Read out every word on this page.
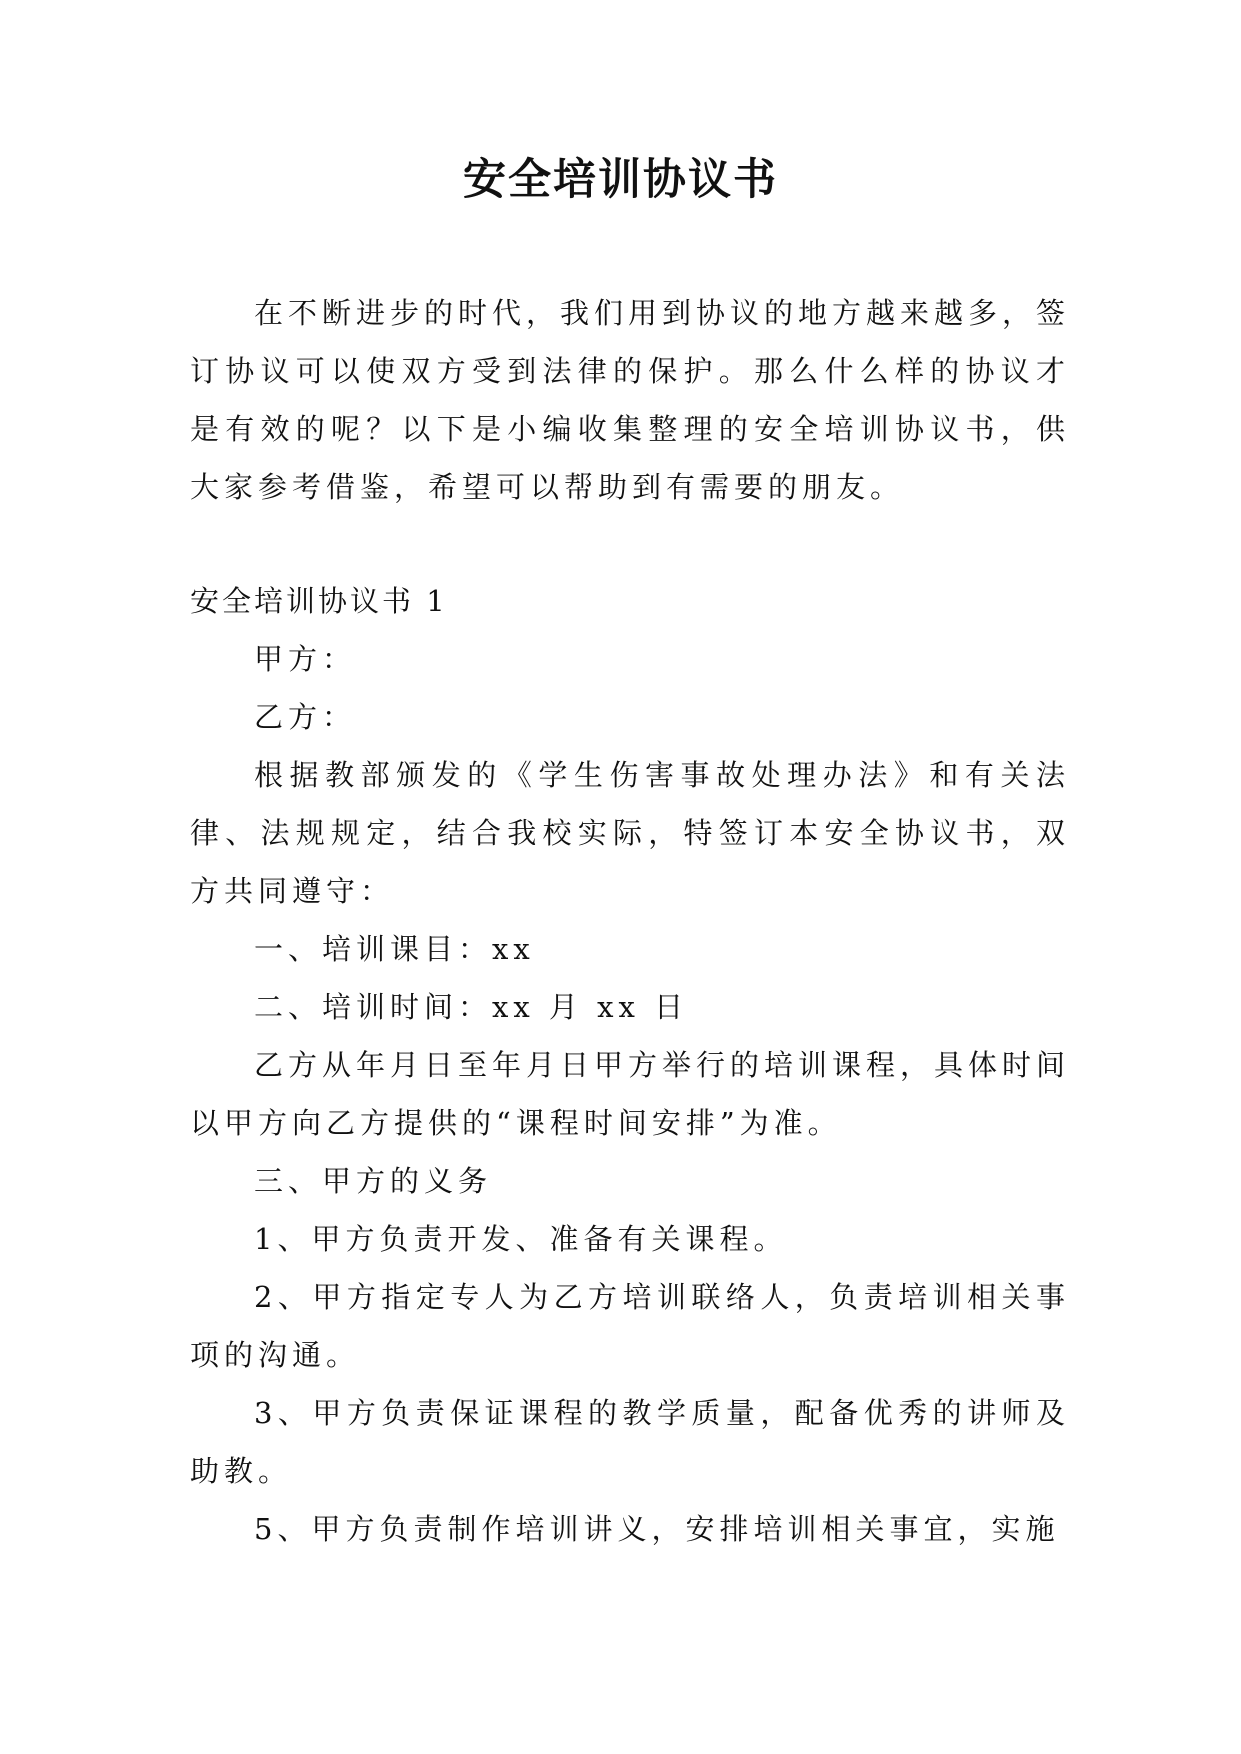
安全培训协议书

在不断进步的时代，我们用到协议的地方越来越多，签订协议可以使双方受到法律的保护。那么什么样的协议才是有效的呢？以下是小编收集整理的安全培训协议书，供大家参考借鉴，希望可以帮助到有需要的朋友。

安全培训协议书 1

甲方：

乙方：

根据教部颁发的《学生伤害事故处理办法》和有关法律、法规规定，结合我校实际，特签订本安全协议书，双方共同遵守：

一、培训课目：xx

二、培训时间：xx 月 xx 日

乙方从年月日至年月日甲方举行的培训课程，具体时间以甲方向乙方提供的“课程时间安排”为准。

三、甲方的义务

1、甲方负责开发、准备有关课程。

2、甲方指定专人为乙方培训联络人，负责培训相关事项的沟通。

3、甲方负责保证课程的教学质量，配备优秀的讲师及助教。

5、甲方负责制作培训讲义，安排培训相关事宜，实施
